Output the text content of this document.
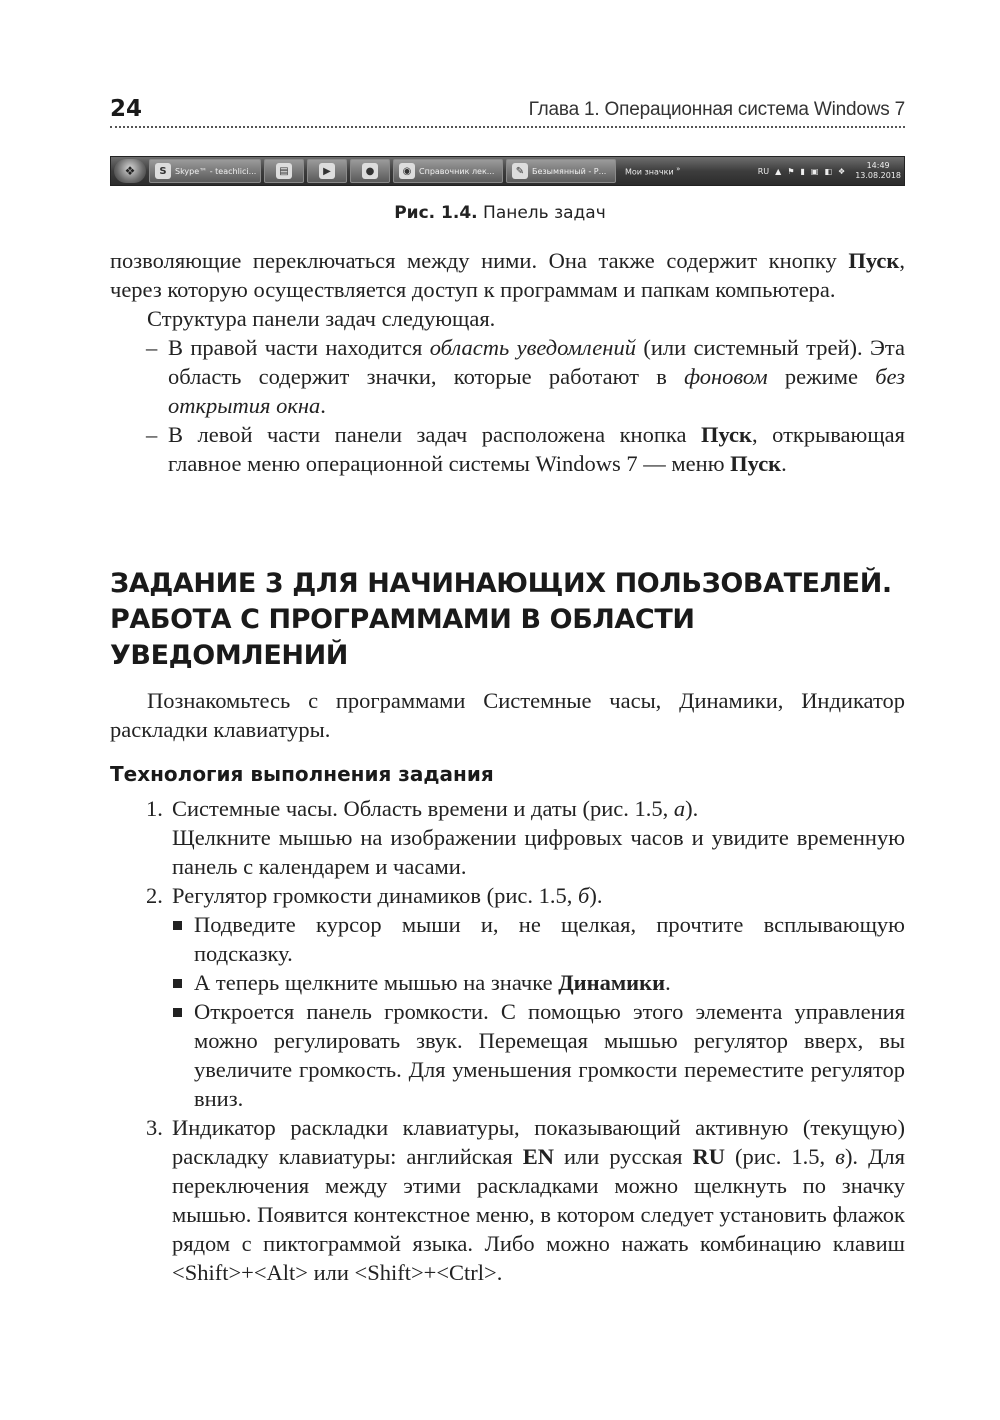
24	Глава 1. Операционная система Windows 7
❖	S	Skype™ - teachlici...	▤	▶	●	◉ Справочник лек...	✎ Безымянный - Р... Мои значки »	RU ▲ ⚑ ▮ ▣ ◧ ❖
14:49
13.08.2018
Рис. 1.4. Панель задач

позволяющие переключаться между ними. Она также содержит кнопку Пуск, через которую осуществляется доступ к программам и папкам компьютера.

Структура панели задач следующая.

– В правой части находится область уведомлений (или системный трей). Эта область содержит значки, которые работают в фоновом режиме без открытия окна.
– В левой части панели задач расположена кнопка Пуск, открывающая главное меню операционной системы Windows 7 — меню Пуск.
ЗАДАНИЕ 3 ДЛЯ НАЧИНАЮЩИХ ПОЛЬЗОВАТЕЛЕЙ.
РАБОТА С ПРОГРАММАМИ В ОБЛАСТИ
УВЕДОМЛЕНИЙ

Познакомьтесь с программами Системные часы, Динамики, Индикатор раскладки клавиатуры.

Технология выполнения задания
1. Системные часы. Область времени и даты (рис. 1.5, а).
Щелкните мышью на изображении цифровых часов и увидите временную панель с календарем и часами.
2. Регулятор громкости динамиков (рис. 1.5, б).
Подведите курсор мыши и, не щелкая, прочтите всплывающую подсказку.
А теперь щелкните мышью на значке Динамики.
Откроется панель громкости. С помощью этого элемента управления можно регулировать звук. Перемещая мышью регулятор вверх, вы увеличите громкость. Для уменьшения громкости переместите регулятор вниз.
3. Индикатор раскладки клавиатуры, показывающий активную (текущую) раскладку клавиатуры: английская EN или русская RU (рис. 1.5, в). Для переключения между этими раскладками можно щелкнуть по значку мышью. Появится контекстное меню, в котором следует установить флажок рядом с пиктограммой языка. Либо можно нажать комбинацию клавиш <Shift>+<Alt> или <Shift>+<Ctrl>.
